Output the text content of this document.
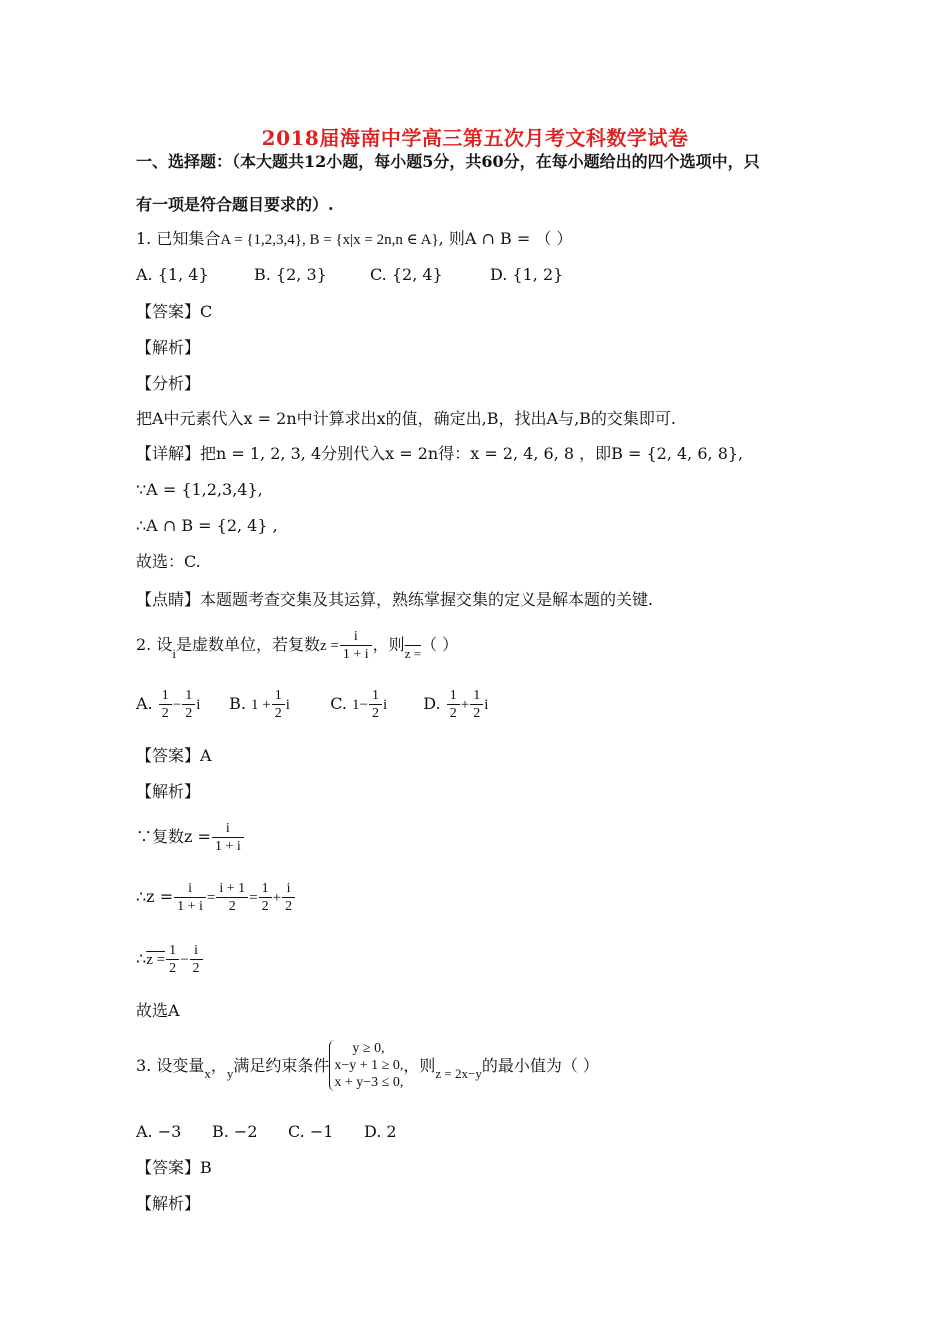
2018届海南中学高三第五次月考文科数学试卷
一、选择题：（本大题共12小题，每小题5分，共60分，在每小题给出的四个选项中，只
有一项是符合题目要求的）.
1. 已知集合A = {1,2,3,4}, B = {x|x = 2n,n ∈ A}, 则A ∩ B = （ ）
A. {1, 4}	B. {2, 3}	C. {2, 4}	D. {1, 2}
【答案】C
【解析】
【分析】
把A中元素代入x = 2n中计算求出x的值，确定出,B，找出A与,B的交集即可.
【详解】把n = 1, 2, 3, 4分别代入x = 2n得：x = 2, 4, 6, 8 ，即B = {2, 4, 6, 8},
∵A = {1,2,3,4},
∴A ∩ B = {2, 4} ,
故选：C.
【点睛】本题题考查交集及其运算，熟练掌握交集的定义是解本题的关键.
2. 设$_i$是虚数单位，若复数$z = \frac{i}{1 + i}$ ，则$_{z =}$（ ）
A. $\frac{1}{2} - \frac{1}{2}$ i B. $1 + \frac{1}{2}$ i	C. $1- \frac{1}{2}$ i D. $\frac{1}{2} + \frac{1}{2}$ i
【答案】A
【解析】
∵复数$z = \frac{i}{1 + i}$
∴z = $\frac{i}{1 + i} = \frac{i + 1}{2} = \frac{1}{2} + \frac{i}{2}$
∴z = $\frac{1}{2} - \frac{i}{2}$
故选A
3. 设变量$_x$，$_y$满足约束条件
y ≥ 0,
x−y + 1 ≥ 0,
x + y−3 ≤ 0,
，则$_{z = 2x-y}$的最小值为（ ）
A. −3 B. −2 C. −1 D. 2
【答案】B
【解析】
